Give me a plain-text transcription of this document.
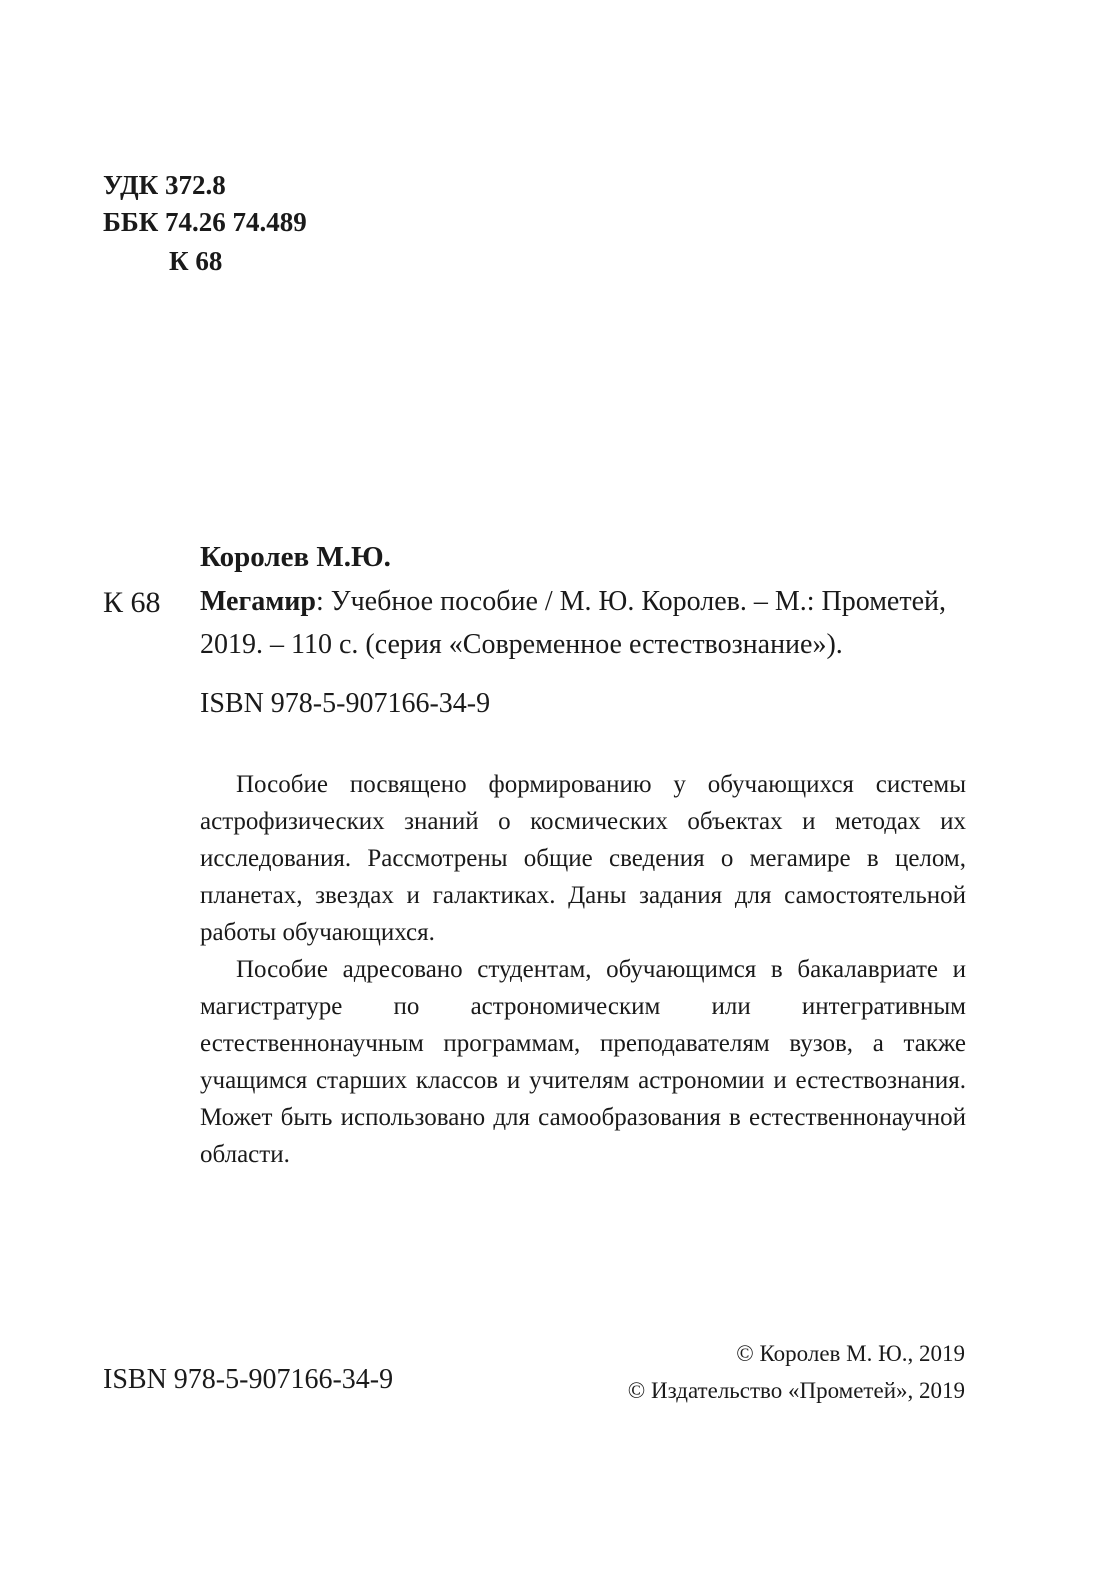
УДК 372.8
ББК 74.26 74.489
К 68
Королев М.Ю.
К 68 Мегамир: Учебное пособие / М. Ю. Королев. – М.: Прометей,
2019. – 110 с. (серия «Современное естествознание»).
ISBN 978-5-907166-34-9

Пособие посвящено формированию у обучающихся системы астрофизических знаний о космических объектах и методах их исследования. Рассмотрены общие сведения о мегамире в целом, планетах, звездах и галактиках. Даны задания для самостоятельной работы обучающихся.

Пособие адресовано студентам, обучающимся в бакалавриате и магистратуре по астрономическим или интегративным естественнонаучным программам, преподавателям вузов, а также учащимся старших классов и учителям астрономии и естествознания. Может быть использовано для самообразования в естественнонаучной области.

ISBN 978-5-907166-34-9
© Королев М. Ю., 2019
© Издательство «Прометей», 2019
